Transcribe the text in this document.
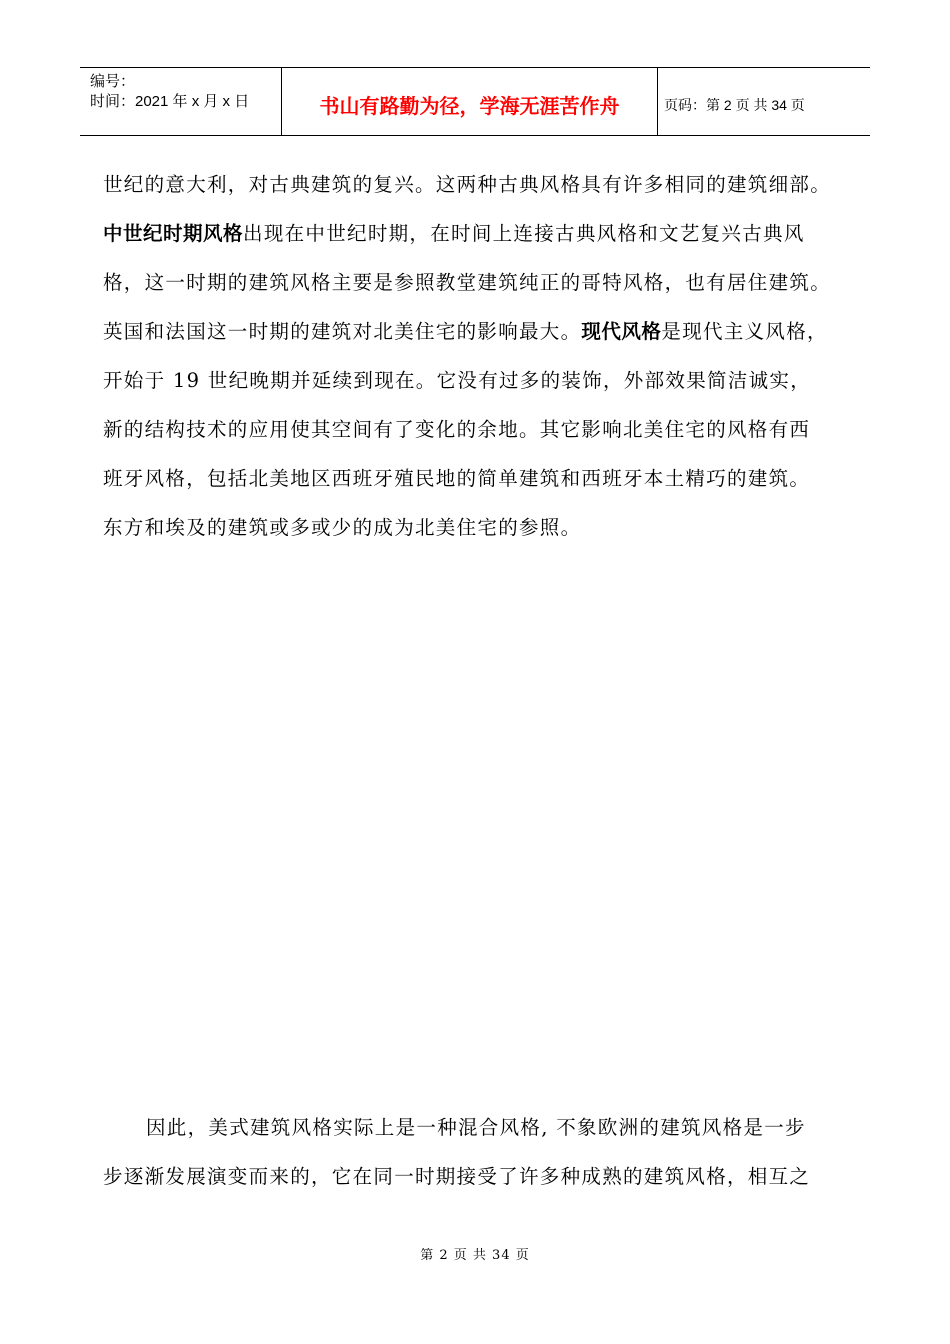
编号：
时间：2021 年 x 月 x 日	书山有路勤为径，学海无涯苦作舟	页码：第 2 页 共 34 页
世纪的意大利，对古典建筑的复兴。这两种古典风格具有许多相同的建筑细部。
中世纪时期风格出现在中世纪时期，在时间上连接古典风格和文艺复兴古典风
格，这一时期的建筑风格主要是参照教堂建筑纯正的哥特风格，也有居住建筑。
英国和法国这一时期的建筑对北美住宅的影响最大。现代风格是现代主义风格，
开始于 19 世纪晚期并延续到现在。它没有过多的装饰，外部效果简洁诚实，
新的结构技术的应用使其空间有了变化的余地。其它影响北美住宅的风格有西
班牙风格，包括北美地区西班牙殖民地的简单建筑和西班牙本土精巧的建筑。
东方和埃及的建筑或多或少的成为北美住宅的参照。
因此，美式建筑风格实际上是一种混合风格, 不象欧洲的建筑风格是一步
步逐渐发展演变而来的，它在同一时期接受了许多种成熟的建筑风格，相互之
第 2 页 共 34 页
